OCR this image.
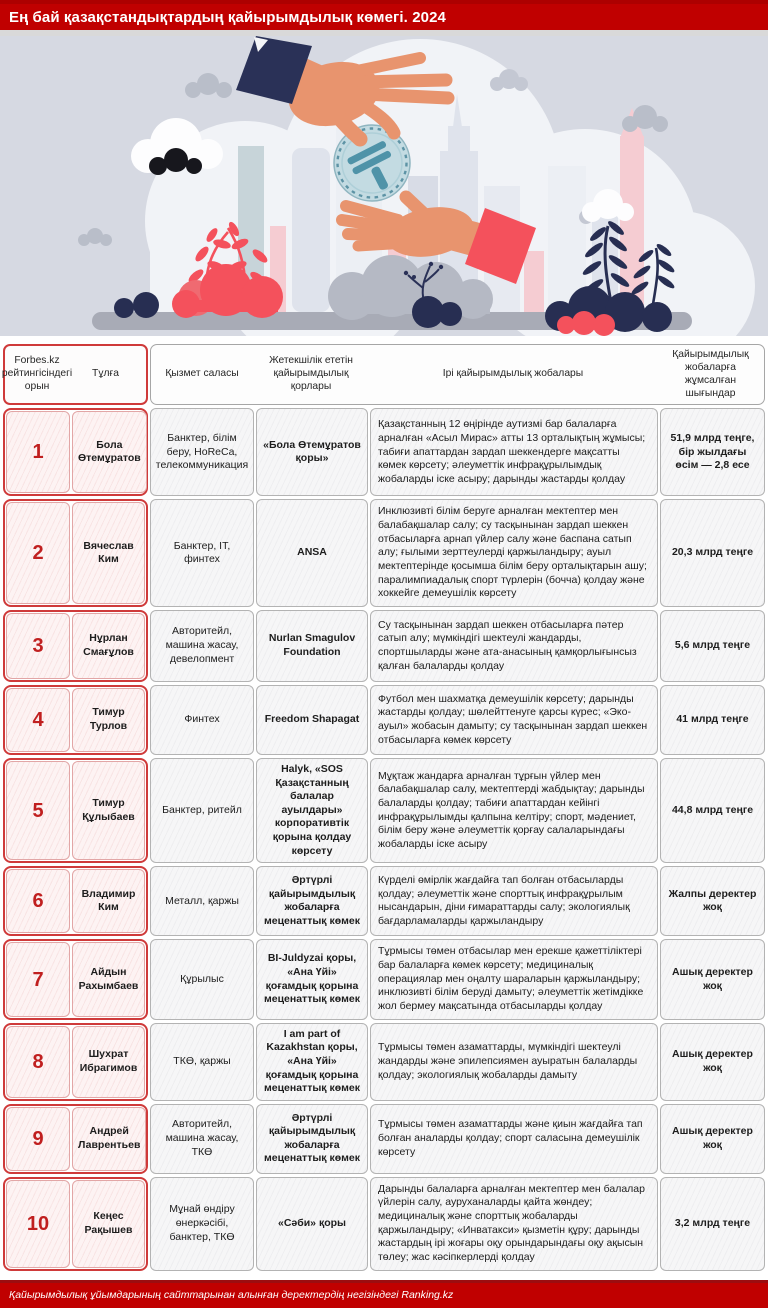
Ең бай қазақстандықтардың қайырымдылық көмегі. 2024
Forbes.kz рейтингісіндегі орын
Тұлға	Қызмет саласы
Жетекшілік ететін қайырымдылық қорлары
Ірі қайырымдылық жобалары
Қайырымдылық жобаларға жұмсалған шығындар
1	Бола Өтемұратов
Банктер, білім беру, HoReCa, телекоммуникация
«Бола Өтемұратов қоры»
Қазақстанның 12 өңірінде аутизмі бар балаларға арналған «Асыл Мирас» атты 13 орталықтың жұмысы; табиғи апаттардан зардап шеккендерге мақсатты көмек көрсету; әлеуметтік инфрақұрылымдық жобаларды іске асыру; дарынды жастарды қолдау
51,9 млрд теңге, бір жылдағы өсім — 2,8 есе
2	Вячеслав Ким
Банктер, IT, финтех
ANSA
Инклюзивті білім беруге арналған мектептер мен балабақшалар салу; су тасқынынан зардап шеккен отбасыларға арнап үйлер салу және баспана сатып алу; ғылыми зерттеулерді қаржыландыру; ауыл мектептерінде қосымша білім беру орталықтарын ашу; паралимпиадалық спорт түрлерін (бочча) қолдау және хоккейге демеушілік көрсету
20,3 млрд теңге
3	Нұрлан Смағұлов
Авторитейл, машина жасау, девелопмент
Nurlan Smagulov Foundation
Су тасқынынан зардап шеккен отбасыларға пәтер сатып алу; мүмкіндігі шектеулі жандарды, спортшыларды және ата-анасының қамқорлығынсыз қалған балаларды қолдау
5,6 млрд теңге
4	Тимур Турлов
Финтех	Freedom Shapagat
Футбол мен шахматқа демеушілік көрсету; дарынды жастарды қолдау; шөлейттенуге қарсы күрес; «Эко-ауыл» жобасын дамыту; су тасқынынан зардап шеккен отбасыларға көмек көрсету
41 млрд теңге
5	Тимур Құлыбаев
Банктер, ритейл
Halyk, «SOS Қазақстанның балалар ауылдары» корпоративтік қорына қолдау көрсету
Мұқтаж жандарға арналған тұрғын үйлер мен балабақшалар салу, мектептерді жабдықтау; дарынды балаларды қолдау; табиғи апаттардан кейінгі инфрақұрылымды қалпына келтіру; спорт, мәдениет, білім беру және әлеуметтік қорғау салаларындағы жобаларды іске асыру
44,8 млрд теңге
6	Владимир Ким
Металл, қаржы
Әртүрлі қайырымдылық жобаларға меценаттық көмек
Күрделі өмірлік жағдайға тап болған отбасыларды қолдау; әлеуметтік және спорттық инфрақұрылым нысандарын, діни ғимараттарды салу; экологиялық бағдарламаларды қаржыландыру
Жалпы деректер жоқ
7	Айдын Рахымбаев
Құрылыс
BI-Juldyzai қоры, «Ана Үйі» қоғамдық қорына меценаттық көмек
Тұрмысы төмен отбасылар мен ерекше қажеттіліктері бар балаларға көмек көрсету; медициналық операциялар мен оңалту шараларын қаржыландыру; инклюзивті білім беруді дамыту; әлеуметтік жетімдікке жол бермеу мақсатында отбасыларды қолдау
Ашық деректер жоқ
8	Шухрат Ибрагимов
ТКӨ, қаржы
I am part of Kazakhstan қоры, «Ана Үйі» қоғамдық қорына меценаттық көмек
Тұрмысы төмен азаматтарды, мүмкіндігі шектеулі жандарды және эпилепсиямен ауыратын балаларды қолдау; экологиялық жобаларды дамыту
Ашық деректер жоқ
9	Андрей Лаврентьев
Авторитейл, машина жасау, ТКӨ
Әртүрлі қайырымдылық жобаларға меценаттық көмек
Тұрмысы төмен азаматтарды және қиын жағдайға тап болған аналарды қолдау; спорт саласына демеушілік көрсету
Ашық деректер жоқ
10	Кеңес Рақышев
Мұнай өндіру өнеркәсібі, банктер, ТКӨ
«Сәби» қоры
Дарынды балаларға арналған мектептер мен балалар үйлерін салу, ауруханаларды қайта жөндеу; медициналық және спорттық жобаларды қаржыландыру; «Инватакси» қызметін құру; дарынды жастардың ірі жоғары оқу орындарындағы оқу ақысын төлеу; жас кәсіпкерлерді қолдау
3,2 млрд теңге
Қайырымдылық ұйымдарының сайттарынан алынған деректердің негізіндегі Ranking.kz
